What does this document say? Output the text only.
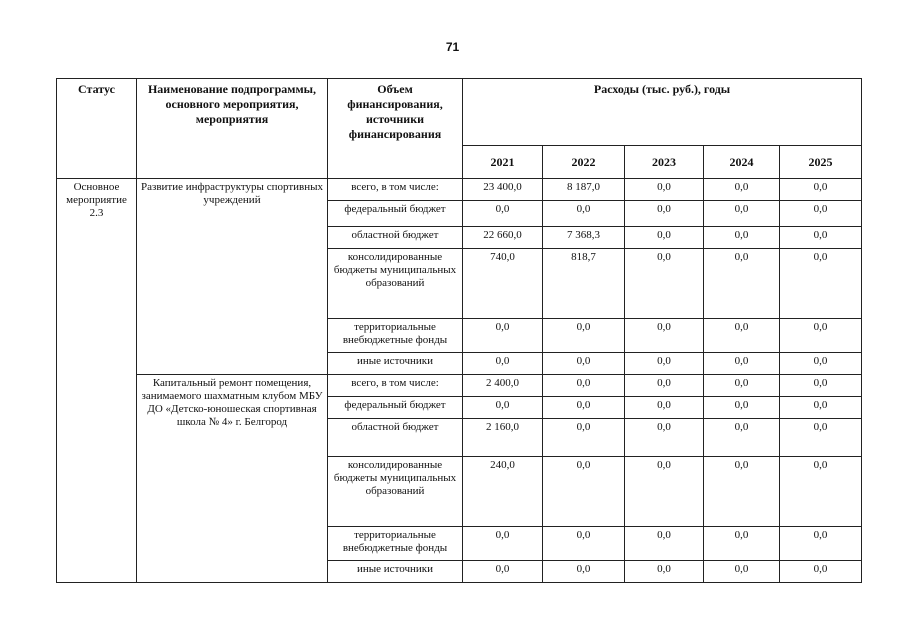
71
Статус	Наименование подпрограммы, основного мероприятия, мероприятия	Объем финансирования, источники финансирования	Расходы (тыс. руб.), годы				
			2021	2022	2023	2024	2025
Основное мероприятие 2.3	Развитие инфраструктуры спортивных учреждений	всего, в том числе:	23 400,0	8 187,0	0,0	0,0	0,0
		федеральный бюджет	0,0	0,0	0,0	0,0	0,0
		областной бюджет	22 660,0	7 368,3	0,0	0,0	0,0
		консолидированные бюджеты муниципальных образований	740,0	818,7	0,0	0,0	0,0
		территориальные внебюджетные фонды	0,0	0,0	0,0	0,0	0,0
		иные источники	0,0	0,0	0,0	0,0	0,0
	Капитальный ремонт помещения, занимаемого шахматным клубом МБУ ДО «Детско-юношеская спортивная школа № 4» г. Белгород	всего, в том числе:	2 400,0	0,0	0,0	0,0	0,0
		федеральный бюджет	0,0	0,0	0,0	0,0	0,0
		областной бюджет	2 160,0	0,0	0,0	0,0	0,0
		консолидированные бюджеты муниципальных образований	240,0	0,0	0,0	0,0	0,0
		территориальные внебюджетные фонды	0,0	0,0	0,0	0,0	0,0
		иные источники	0,0	0,0	0,0	0,0	0,0
